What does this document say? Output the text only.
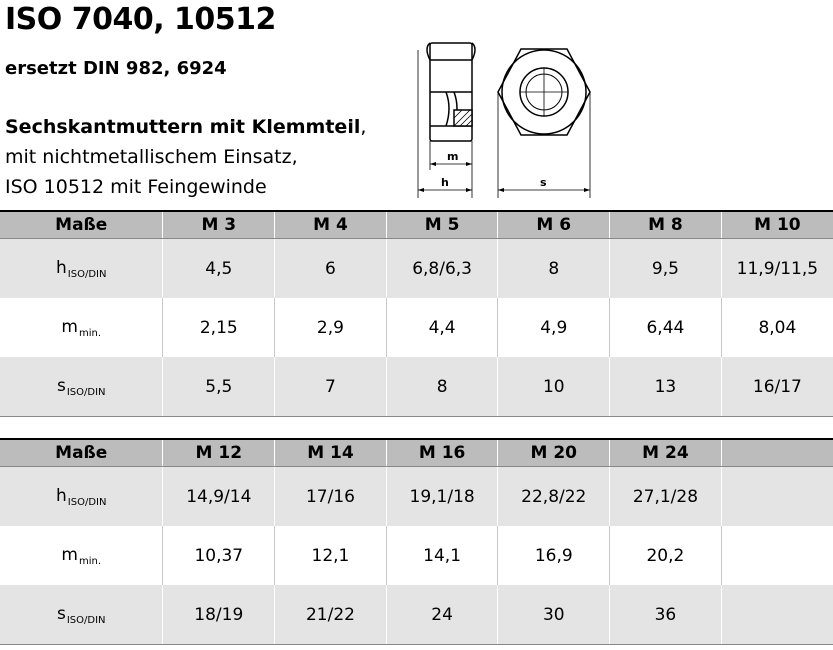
ISO 7040, 10512
ersetzt DIN 982, 6924
Sechskantmuttern mit Klemmteil,
mit nichtmetallischem Einsatz,
ISO 10512 mit Feingewinde
m
h	s
Maße	M 3	M 4	M 5	M 6	M 8	M 10
$h_{ISO/DIN}$	4,5	6	6,8/6,3	8	9,5	11,9/11,5
$m_{min.}$	2,15	2,9	4,4	4,9	6,44	8,04
$s_{ISO/DIN}$	5,5	7	8	10	13	16/17
Maße	M 12	M 14	M 16	M 20	M 24	
$h_{ISO/DIN}$	14,9/14	17/16	19,1/18	22,8/22	27,1/28	
$m_{min.}$	10,37	12,1	14,1	16,9	20,2	
$s_{ISO/DIN}$	18/19	21/22	24	30	36	
